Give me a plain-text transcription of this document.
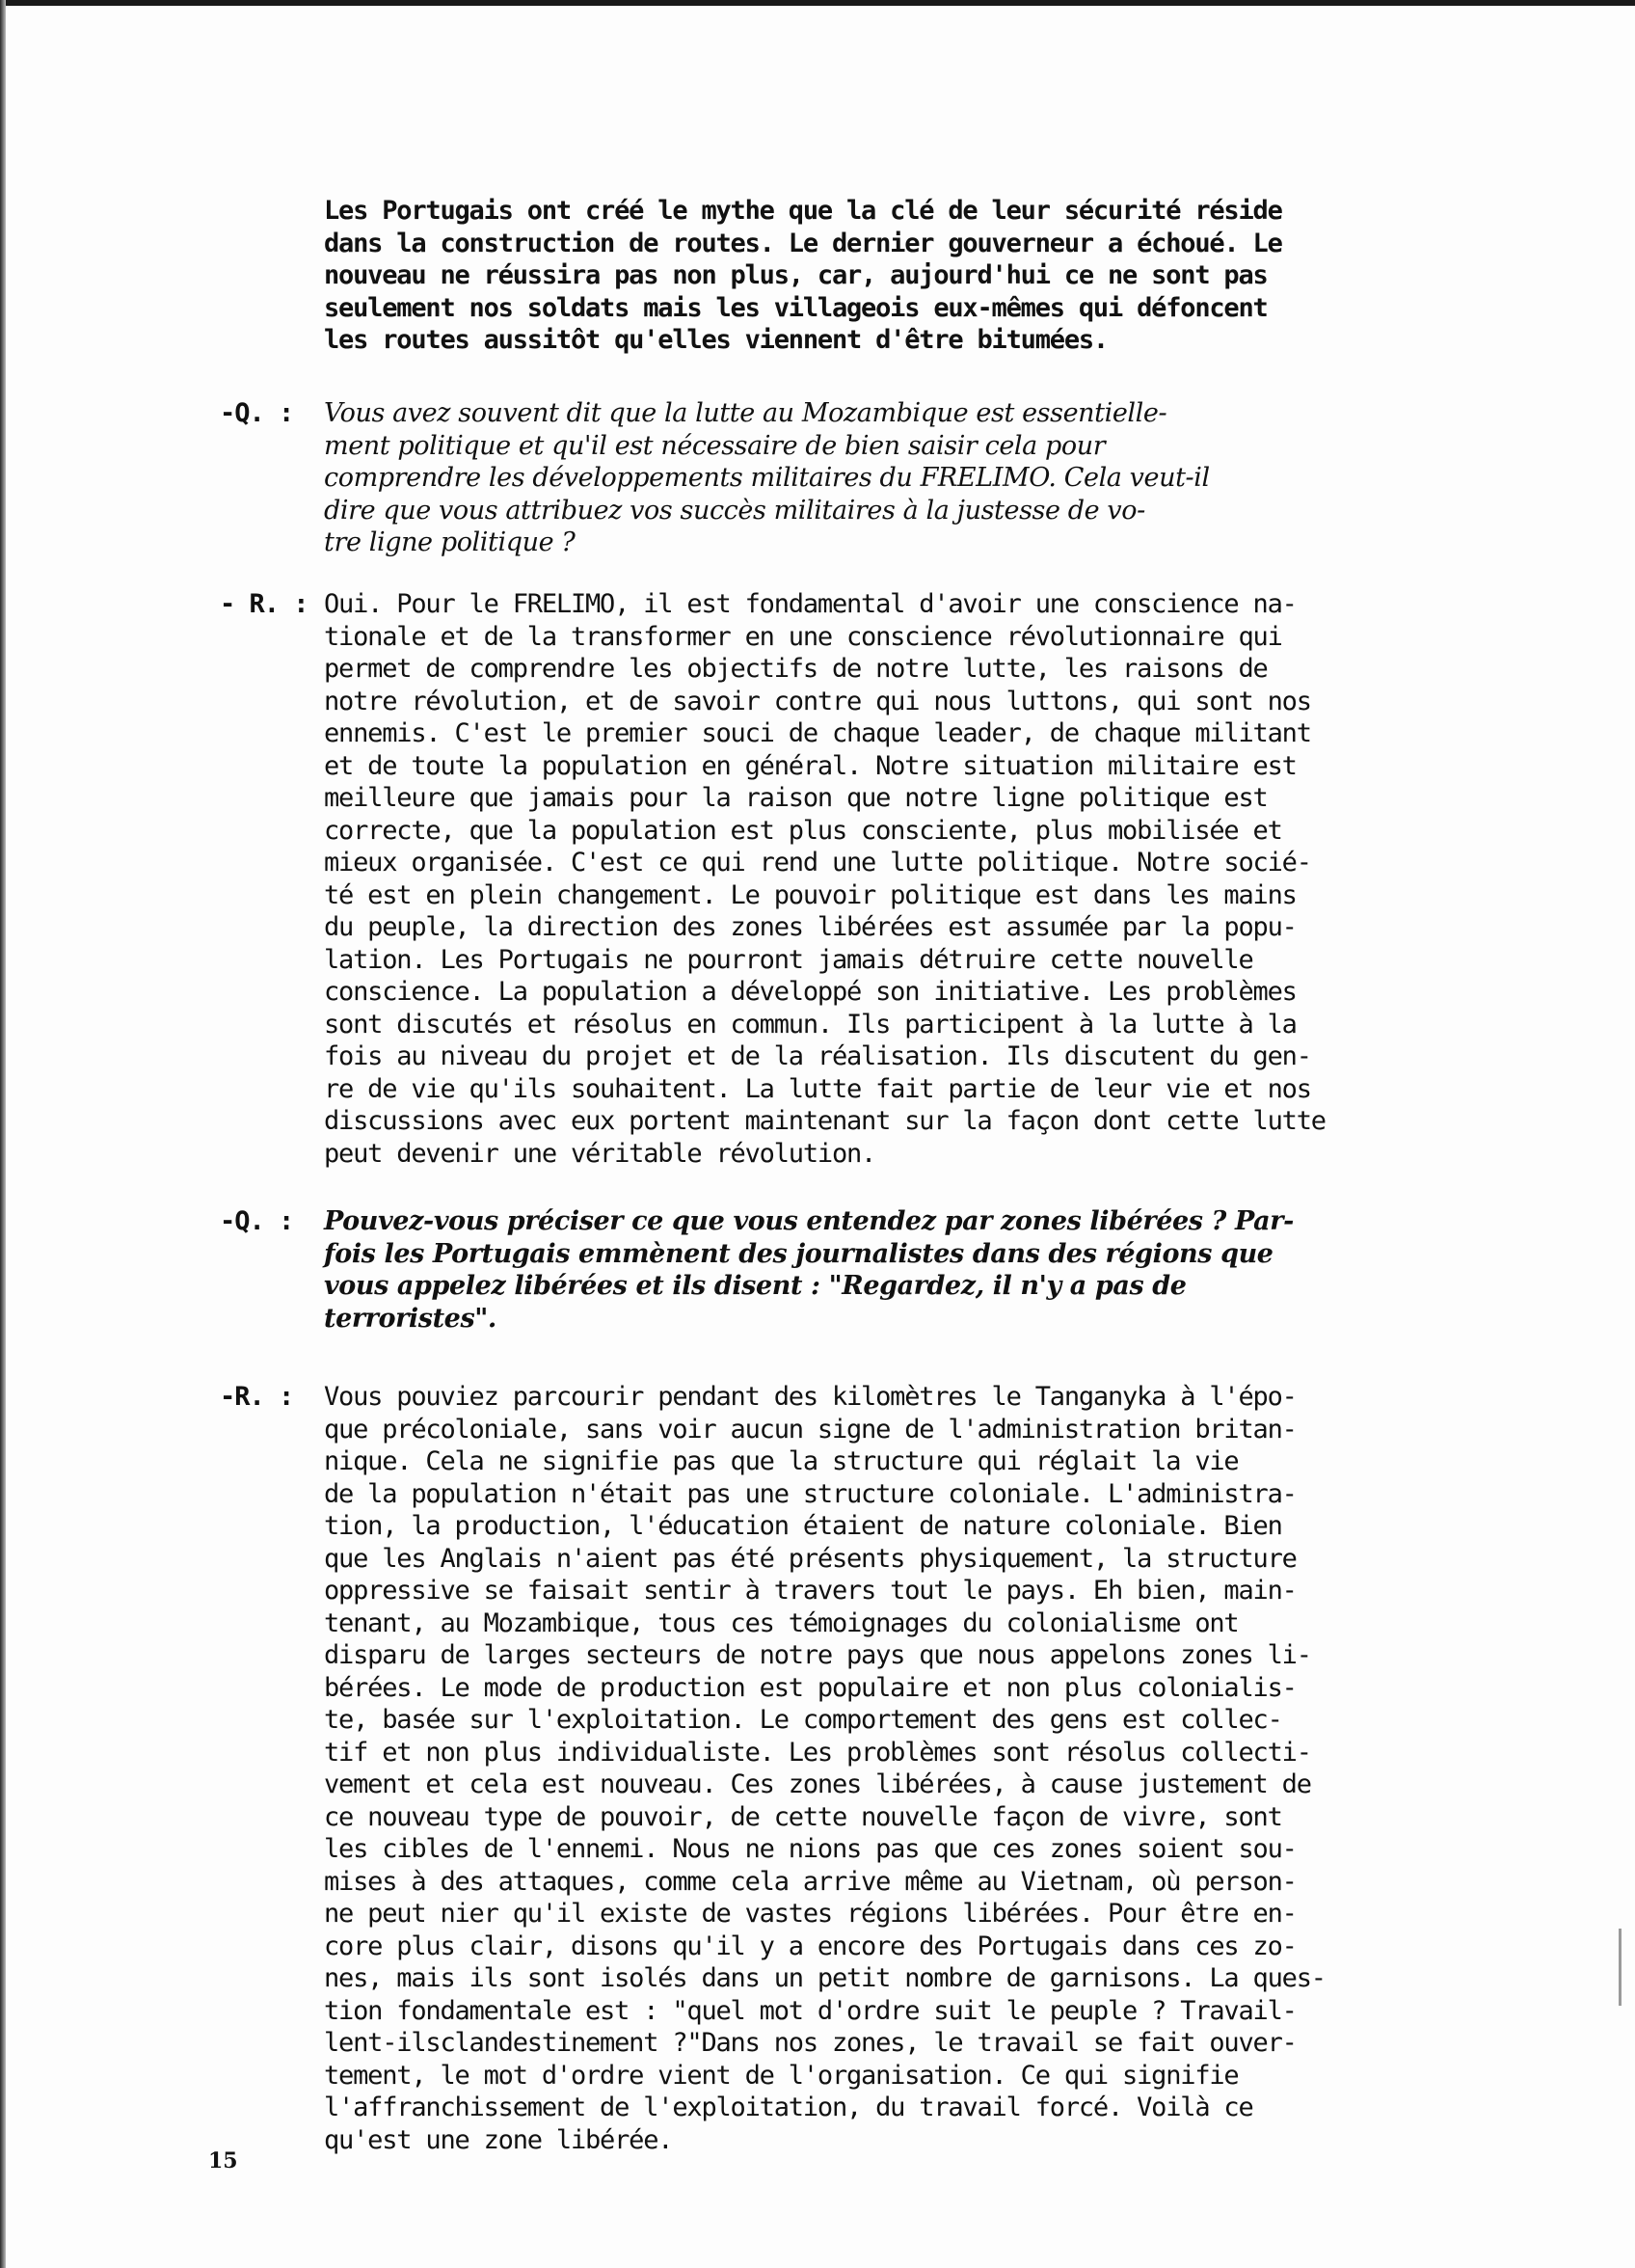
Les Portugais ont créé le mythe que la clé de leur sécurité réside
dans la construction de routes. Le dernier gouverneur a échoué. Le
nouveau ne réussira pas non plus, car, aujourd'hui ce ne sont pas
seulement nos soldats mais les villageois eux-mêmes qui défoncent
les routes aussitôt qu'elles viennent d'être bitumées.

-Q. : Vous avez souvent dit que la lutte au Mozambique est essentielle-
ment politique et qu'il est nécessaire de bien saisir cela pour
comprendre les développements militaires du FRELIMO. Cela veut-il
dire que vous attribuez vos succès militaires à la justesse de vo-
tre ligne politique ?

- R. : Oui. Pour le FRELIMO, il est fondamental d'avoir une conscience na-
tionale et de la transformer en une conscience révolutionnaire qui
permet de comprendre les objectifs de notre lutte, les raisons de
notre révolution, et de savoir contre qui nous luttons, qui sont nos
ennemis. C'est le premier souci de chaque leader, de chaque militant
et de toute la population en général. Notre situation militaire est
meilleure que jamais pour la raison que notre ligne politique est
correcte, que la population est plus consciente, plus mobilisée et
mieux organisée. C'est ce qui rend une lutte politique. Notre socié-
té est en plein changement. Le pouvoir politique est dans les mains
du peuple, la direction des zones libérées est assumée par la popu-
lation. Les Portugais ne pourront jamais détruire cette nouvelle
conscience. La population a développé son initiative. Les problèmes
sont discutés et résolus en commun. Ils participent à la lutte à la
fois au niveau du projet et de la réalisation. Ils discutent du gen-
re de vie qu'ils souhaitent. La lutte fait partie de leur vie et nos
discussions avec eux portent maintenant sur la façon dont cette lutte
peut devenir une véritable révolution.

-Q. : Pouvez-vous préciser ce que vous entendez par zones libérées ? Par-
fois les Portugais emmènent des journalistes dans des régions que
vous appelez libérées et ils disent : "Regardez, il n'y a pas de
terroristes".

-R. : Vous pouviez parcourir pendant des kilomètres le Tanganyka à l'épo-
que précoloniale, sans voir aucun signe de l'administration britan-
nique. Cela ne signifie pas que la structure qui réglait la vie
de la population n'était pas une structure coloniale. L'administra-
tion, la production, l'éducation étaient de nature coloniale. Bien
que les Anglais n'aient pas été présents physiquement, la structure
oppressive se faisait sentir à travers tout le pays. Eh bien, main-
tenant, au Mozambique, tous ces témoignages du colonialisme ont
disparu de larges secteurs de notre pays que nous appelons zones li-
bérées. Le mode de production est populaire et non plus colonialis-
te, basée sur l'exploitation. Le comportement des gens est collec-
tif et non plus individualiste. Les problèmes sont résolus collecti-
vement et cela est nouveau. Ces zones libérées, à cause justement de
ce nouveau type de pouvoir, de cette nouvelle façon de vivre, sont
les cibles de l'ennemi. Nous ne nions pas que ces zones soient sou-
mises à des attaques, comme cela arrive même au Vietnam, où person-
ne peut nier qu'il existe de vastes régions libérées. Pour être en-
core plus clair, disons qu'il y a encore des Portugais dans ces zo-
nes, mais ils sont isolés dans un petit nombre de garnisons. La ques-
tion fondamentale est : "quel mot d'ordre suit le peuple ? Travail-
lent-ilsclandestinement ?"Dans nos zones, le travail se fait ouver-
tement, le mot d'ordre vient de l'organisation. Ce qui signifie
l'affranchissement de l'exploitation, du travail forcé. Voilà ce
qu'est une zone libérée.

15
